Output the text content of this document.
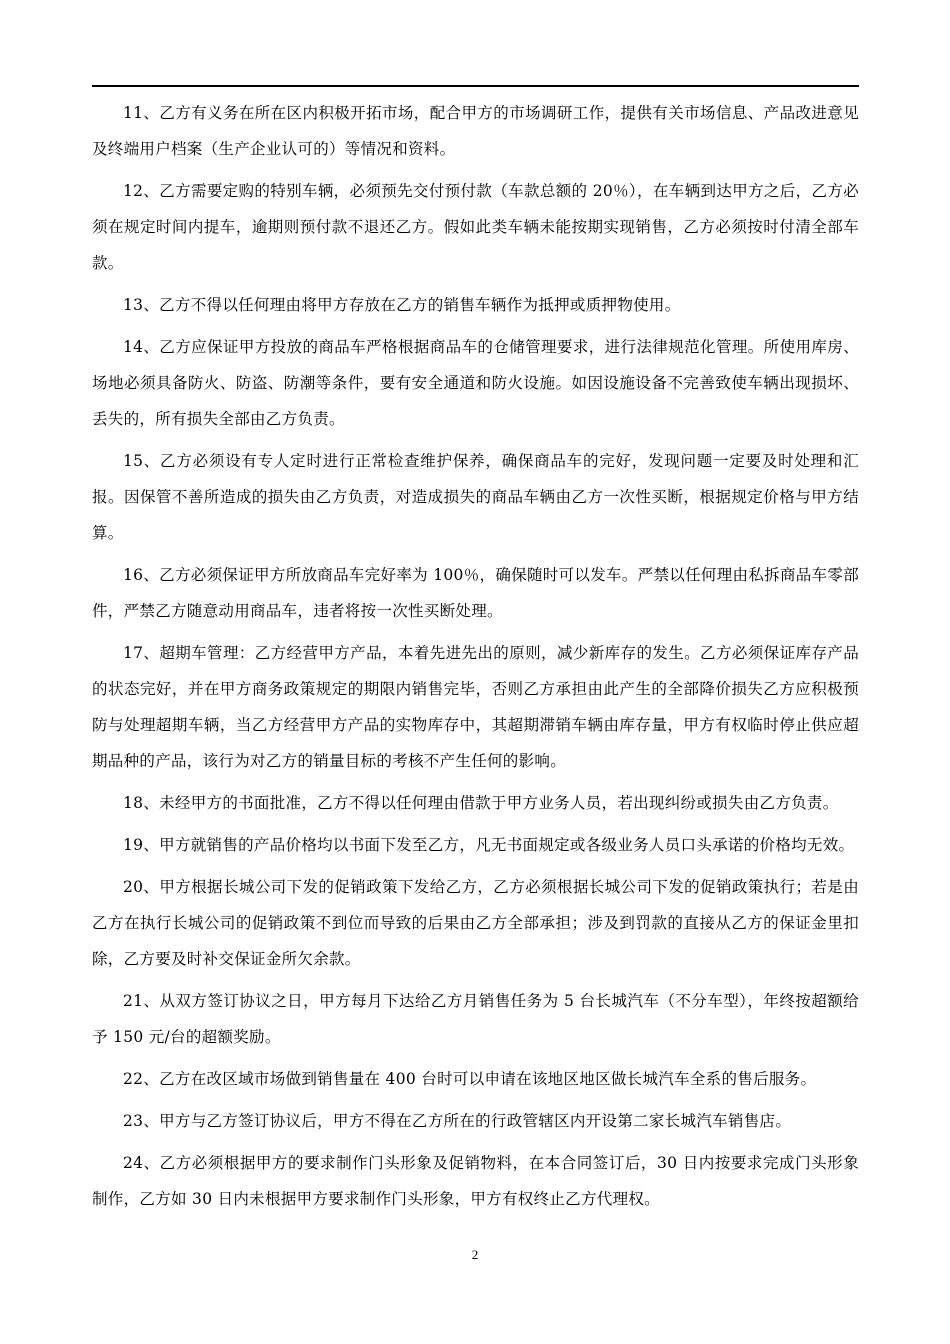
11、乙方有义务在所在区内积极开拓市场，配合甲方的市场调研工作，提供有关市场信息、产品改进意见及终端用户档案（生产企业认可的）等情况和资料。

12、乙方需要定购的特别车辆，必须预先交付预付款（车款总额的 20％），在车辆到达甲方之后，乙方必须在规定时间内提车，逾期则预付款不退还乙方。假如此类车辆未能按期实现销售，乙方必须按时付清全部车款。

13、乙方不得以任何理由将甲方存放在乙方的销售车辆作为抵押或质押物使用。

14、乙方应保证甲方投放的商品车严格根据商品车的仓储管理要求，进行法律规范化管理。所使用库房、场地必须具备防火、防盗、防潮等条件，要有安全通道和防火设施。如因设施设备不完善致使车辆出现损坏、丢失的，所有损失全部由乙方负责。

15、乙方必须设有专人定时进行正常检查维护保养，确保商品车的完好，发现问题一定要及时处理和汇报。因保管不善所造成的损失由乙方负责，对造成损失的商品车辆由乙方一次性买断，根据规定价格与甲方结算。

16、乙方必须保证甲方所放商品车完好率为 100％，确保随时可以发车。严禁以任何理由私拆商品车零部件，严禁乙方随意动用商品车，违者将按一次性买断处理。

17、超期车管理：乙方经营甲方产品，本着先进先出的原则，减少新库存的发生。乙方必须保证库存产品的状态完好，并在甲方商务政策规定的期限内销售完毕，否则乙方承担由此产生的全部降价损失乙方应积极预防与处理超期车辆，当乙方经营甲方产品的实物库存中，其超期滞销车辆由库存量，甲方有权临时停止供应超期品种的产品，该行为对乙方的销量目标的考核不产生任何的影响。

18、未经甲方的书面批准，乙方不得以任何理由借款于甲方业务人员，若出现纠纷或损失由乙方负责。

19、甲方就销售的产品价格均以书面下发至乙方，凡无书面规定或各级业务人员口头承诺的价格均无效。

20、甲方根据长城公司下发的促销政策下发给乙方，乙方必须根据长城公司下发的促销政策执行；若是由乙方在执行长城公司的促销政策不到位而导致的后果由乙方全部承担；涉及到罚款的直接从乙方的保证金里扣除，乙方要及时补交保证金所欠余款。

21、从双方签订协议之日，甲方每月下达给乙方月销售任务为 5 台长城汽车（不分车型），年终按超额给予 150 元/台的超额奖励。

22、乙方在改区域市场做到销售量在 400 台时可以申请在该地区地区做长城汽车全系的售后服务。

23、甲方与乙方签订协议后，甲方不得在乙方所在的行政管辖区内开设第二家长城汽车销售店。

24、乙方必须根据甲方的要求制作门头形象及促销物料，在本合同签订后，30 日内按要求完成门头形象制作，乙方如 30 日内未根据甲方要求制作门头形象，甲方有权终止乙方代理权。

2
